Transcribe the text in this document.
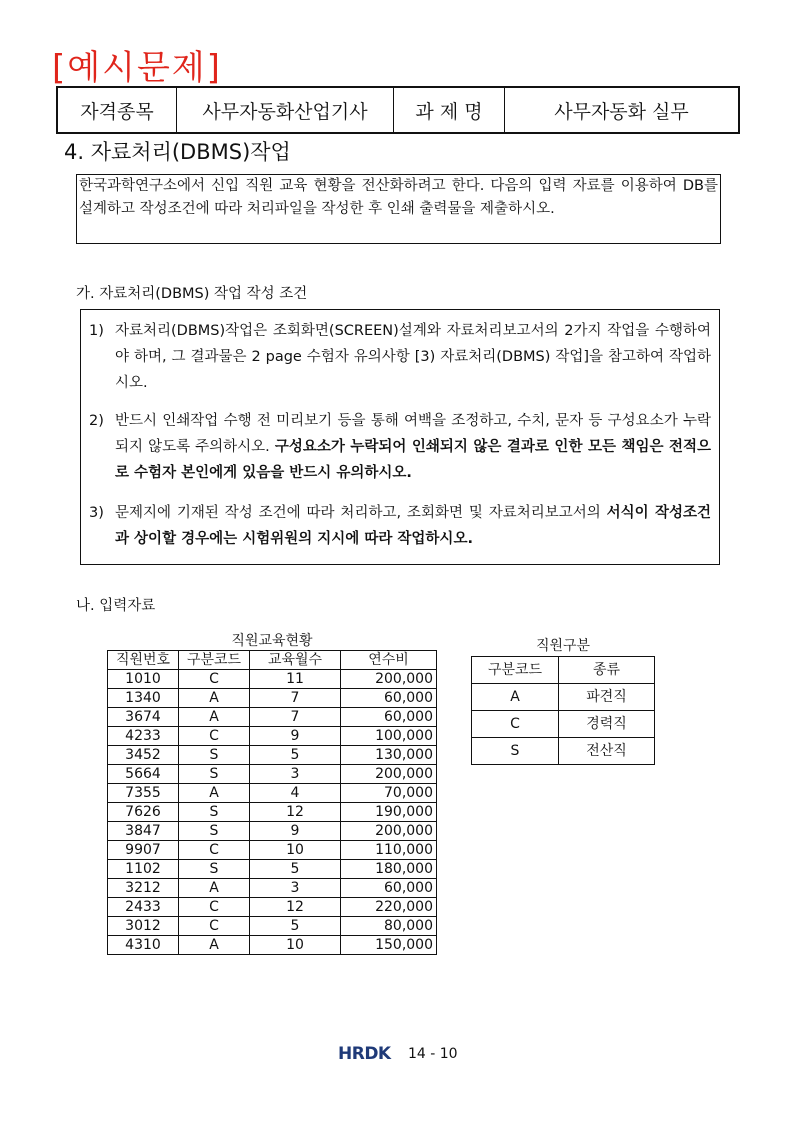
[예시문제]
자격종목	사무자동화산업기사	과 제 명	사무자동화 실무
4. 자료처리(DBMS)작업
한국과학연구소에서 신입 직원 교육 현황을 전산화하려고 한다. 다음의 입력 자료를 이용하여 DB를 설계하고 작성조건에 따라 처리파일을 작성한 후 인쇄 출력물을 제출하시오.
가. 자료처리(DBMS) 작업 작성 조건
1) 자료처리(DBMS)작업은 조회화면(SCREEN)설계와 자료처리보고서의 2가지 작업을 수행하여야 하며, 그 결과물은 2 page 수험자 유의사항 [3) 자료처리(DBMS) 작업]을 참고하여 작업하시오.
2) 반드시 인쇄작업 수행 전 미리보기 등을 통해 여백을 조정하고, 수치, 문자 등 구성요소가 누락되지 않도록 주의하시오. 구성요소가 누락되어 인쇄되지 않은 결과로 인한 모든 책임은 전적으로 수험자 본인에게 있음을 반드시 유의하시오.
3) 문제지에 기재된 작성 조건에 따라 처리하고, 조회화면 및 자료처리보고서의 서식이 작성조건과 상이할 경우에는 시험위원의 지시에 따라 작업하시오.
나. 입력자료
직원교육현황
직원번호	구분코드	교육월수	연수비
1010	C	11	200,000
1340	A	7	60,000
3674	A	7	60,000
4233	C	9	100,000
3452	S	5	130,000
5664	S	3	200,000
7355	A	4	70,000
7626	S	12	190,000
3847	S	9	200,000
9907	C	10	110,000
1102	S	5	180,000
3212	A	3	60,000
2433	C	12	220,000
3012	C	5	80,000
4310	A	10	150,000
직원구분
구분코드	종류
A	파견직
C	경력직
S	전산직
HRDK 14 - 10
